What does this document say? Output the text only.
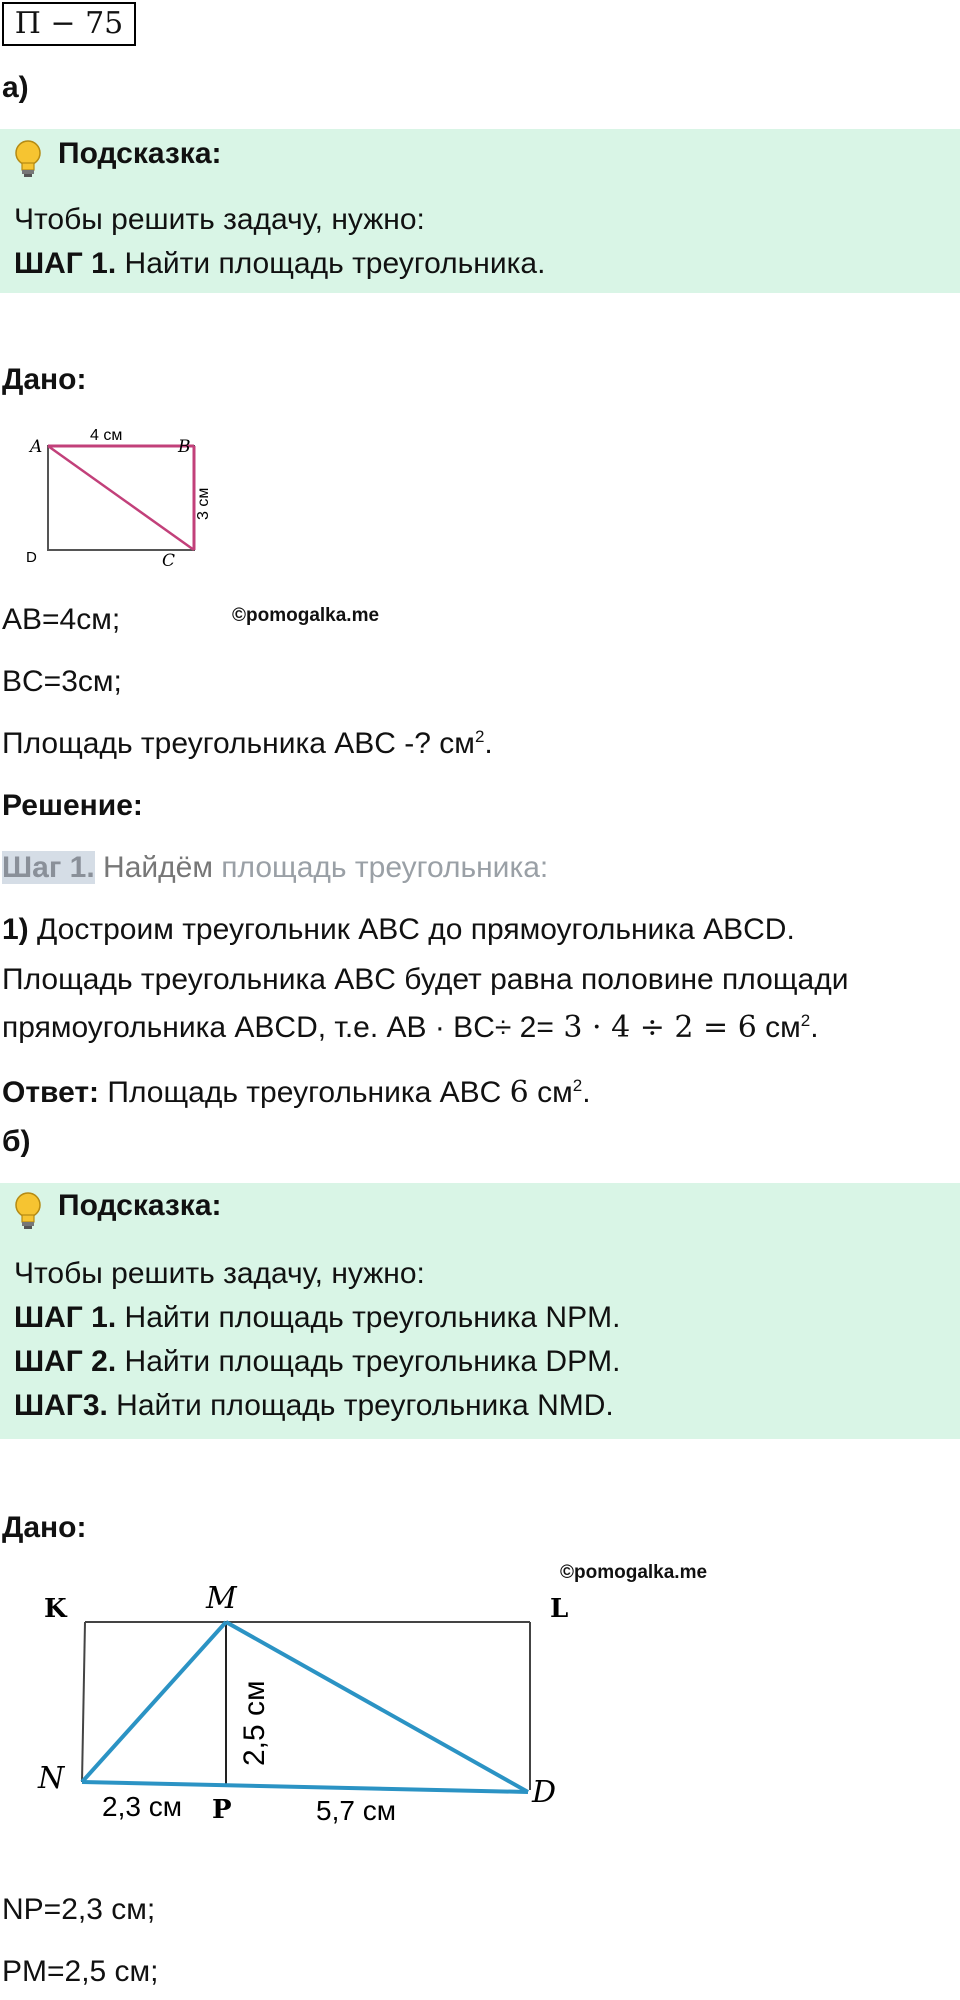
П − 75
а)
Подсказка:
Чтобы решить задачу, нужно:
ШАГ 1. Найти площадь треугольника.
Дано:
A	B
C
D
4 см
3 см
©pomogalka.me
AB=4см;
BC=3см;
Площадь треугольника ABC -? $см^2$.
Решение:
Шаг 1. Найдём площадь треугольника:
1) Достроим треугольник ABC до прямоугольника ABCD.
Площадь треугольника ABC будет равна половине площади
прямоугольника ABCD, т.е. AB · BC÷ 2= 3 · 4 ÷ 2 = 6 $см^2$.
Ответ: Площадь треугольника ABC 6 $см^2$.
б)
Подсказка:
Чтобы решить задачу, нужно:
ШАГ 1. Найти площадь треугольника NPM.
ШАГ 2. Найти площадь треугольника DPM.
ШАГ3. Найти площадь треугольника NMD.
Дано:
©pomogalka.me
K	M	L
N
P	D
2,5 см
2,3 см	5,7 см
NP=2,3 см;
PM=2,5 см;
